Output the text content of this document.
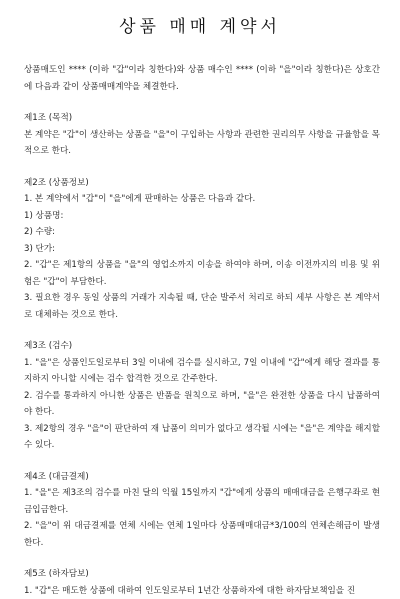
상품 매매 계약서

상품매도인 **** (이하 "갑"이라 칭한다)와 상품 매수인 **** (이하 "을"이라 칭한다)은 상호간에 다음과 같이 상품매매계약을 체결한다.

제1조 (목적)

본 계약은 "갑"이 생산하는 상품을 "을"이 구입하는 사항과 관련한 권리의무 사항을 규율함을 목적으로 한다.

제2조 (상품정보)

1. 본 계약에서 "갑"이 "을"에게 판매하는 상품은 다음과 같다.

1) 상품명:

2) 수량:

3) 단가:

2. "갑"은 제1항의 상품을 "을"의 영업소까지 이송을 하여야 하며, 이송 이전까지의 비용 및 위험은 "갑"이 부담한다.

3. 필요한 경우 동일 상품의 거래가 지속될 때, 단순 발주서 처리로 하되 세부 사항은 본 계약서로 대체하는 것으로 한다.

제3조 (검수)

1. "을"은 상품인도일로부터 3일 이내에 검수를 실시하고, 7일 이내에 "갑"에게 해당 결과를 통지하지 아니할 시에는 검수 합격한 것으로 간주한다.

2. 검수를 통과하지 아니한 상품은 반품을 원칙으로 하며, "을"은 완전한 상품을 다시 납품하여야 한다.

3. 제2항의 경우 "을"이 판단하여 재 납품이 의미가 없다고 생각될 시에는 "을"은 계약을 해지할 수 있다.

제4조 (대금결제)

1. "을"은 제3조의 검수를 마친 달의 익월 15일까지 "갑"에게 상품의 매매대금을 은행구좌로 현금입금한다.

2. "을"이 위 대금결제를 연체 시에는 연체 1일마다 상품매매대금*3/100의 연체손해금이 발생한다.

제5조 (하자담보)

1. "갑"은 매도한 상품에 대하여 인도일로부터 1년간 상품하자에 대한 하자담보책임을 진
